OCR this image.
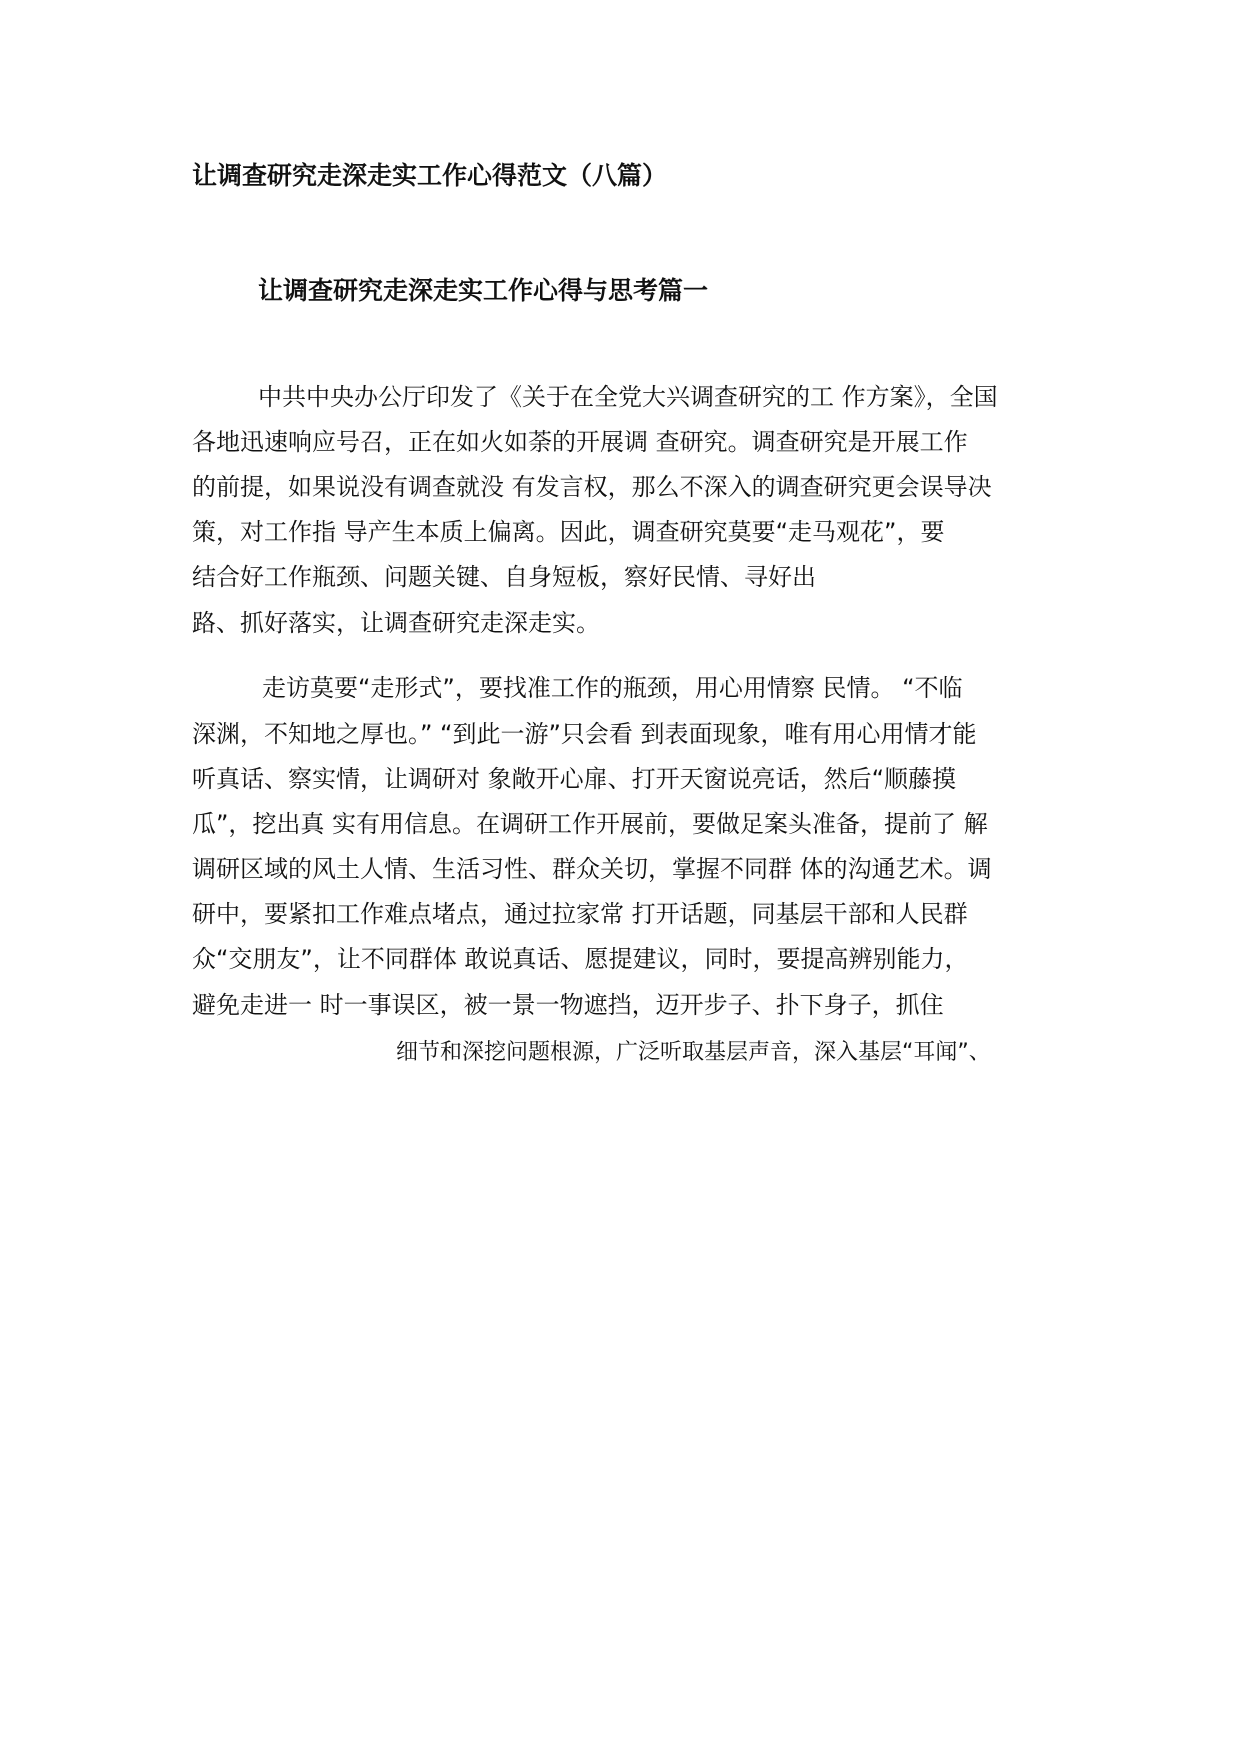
让调查研究走深走实工作心得范文（八篇）
让调查研究走深走实工作心得与思考篇一

中共中央办公厅印发了《关于在全党大兴调查研究的工 作方案》，全国

各地迅速响应号召，正在如火如荼的开展调 查研究。调查研究是开展工作

的前提，如果说没有调查就没 有发言权，那么不深入的调查研究更会误导决

策，对工作指 导产生本质上偏离。因此，调查研究莫要“走马观花”，要

结合好工作瓶颈、问题关键、自身短板，察好民情、寻好出

路、抓好落实，让调查研究走深走实。

走访莫要“走形式”，要找准工作的瓶颈，用心用情察 民情。 “不临

深渊，不知地之厚也。” “到此一游”只会看 到表面现象，唯有用心用情才能

听真话、察实情，让调研对 象敞开心扉、打开天窗说亮话，然后“顺藤摸

瓜”，挖出真 实有用信息。在调研工作开展前，要做足案头准备，提前了 解

调研区域的风土人情、生活习性、群众关切，掌握不同群 体的沟通艺术。调

研中，要紧扣工作难点堵点，通过拉家常 打开话题，同基层干部和人民群

众“交朋友”，让不同群体 敢说真话、愿提建议，同时，要提高辨别能力，

避免走进一 时一事误区，被一景一物遮挡，迈开步子、扑下身子，抓住

细节和深挖问题根源，广泛听取基层声音，深入基层“耳闻”、
